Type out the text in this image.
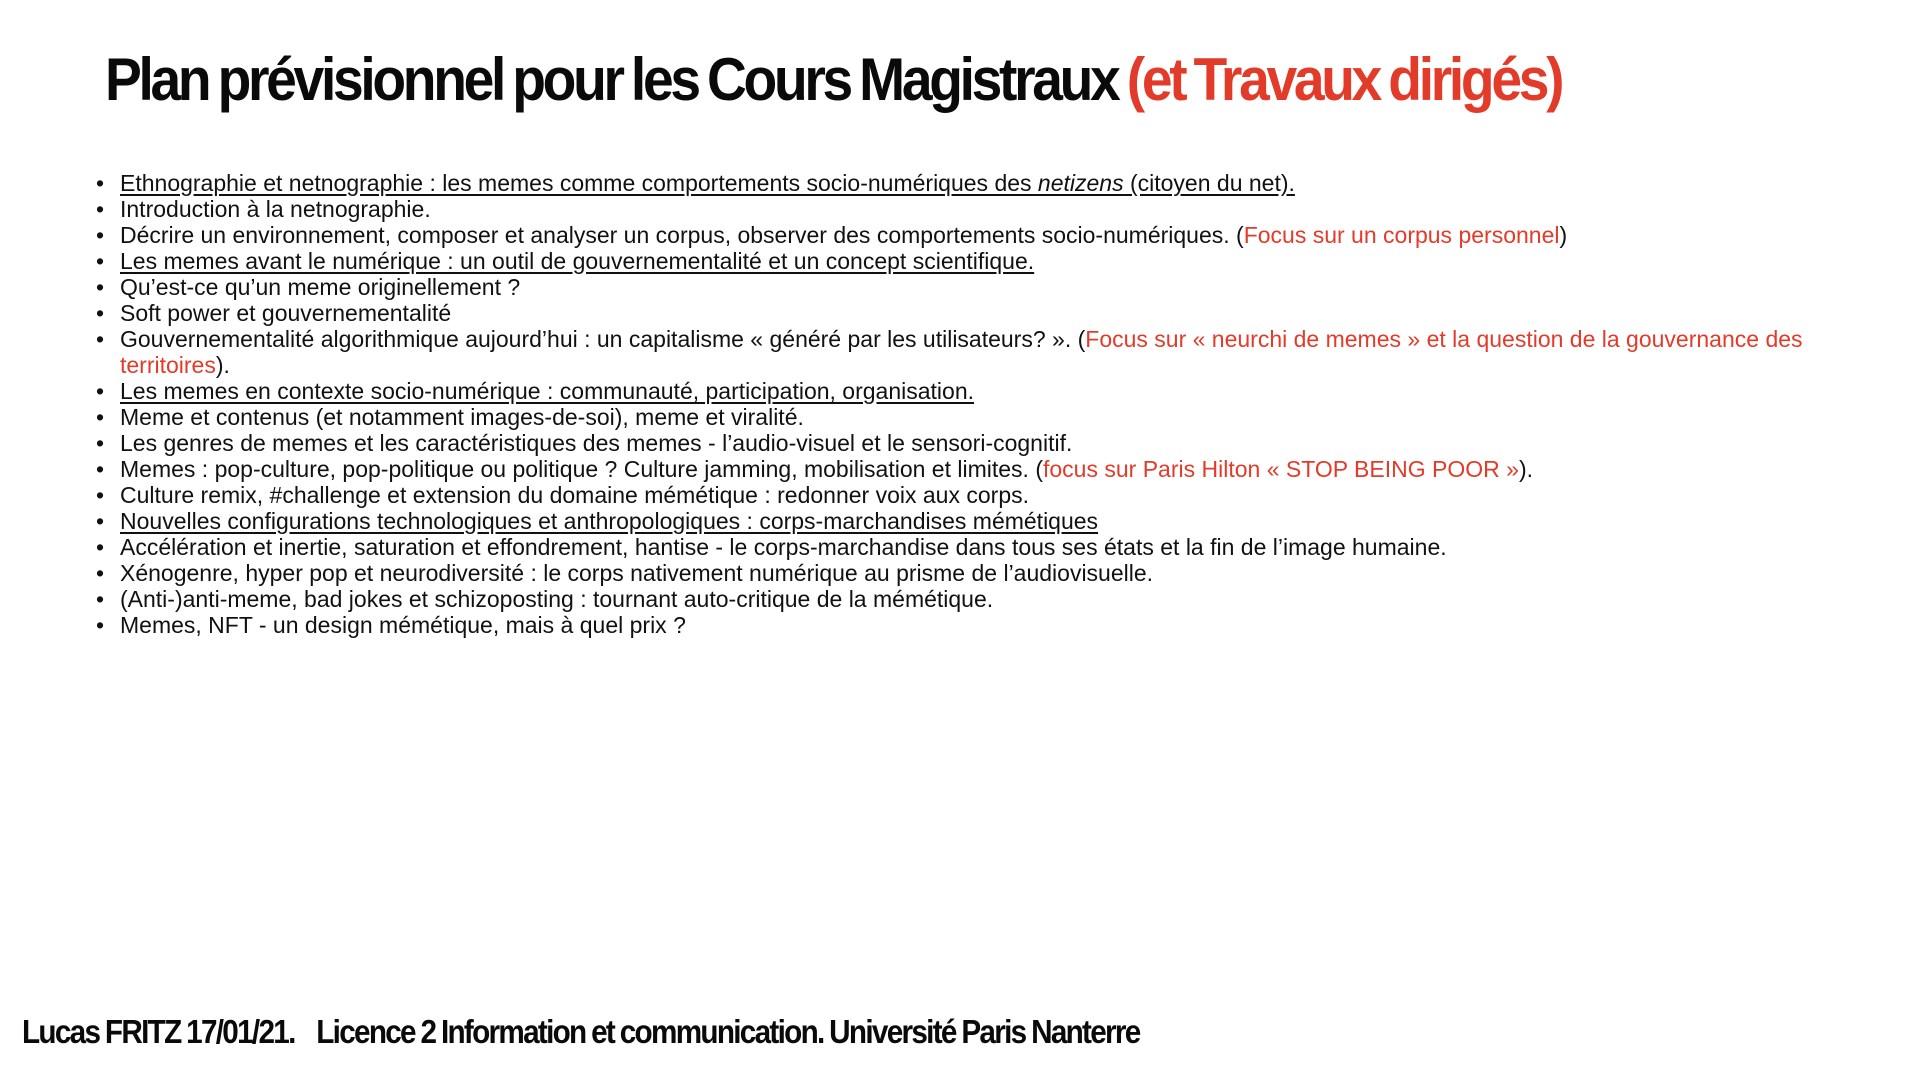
Plan prévisionnel pour les Cours Magistraux (et Travaux dirigés)
• Ethnographie et netnographie : les memes comme comportements socio-numériques des netizens (citoyen du net).
• Introduction à la netnographie.
• Décrire un environnement, composer et analyser un corpus, observer des comportements socio-numériques. (Focus sur un corpus personnel)
• Les memes avant le numérique : un outil de gouvernementalité et un concept scientifique.
• Qu’est-ce qu’un meme originellement ?
• Soft power et gouvernementalité
• Gouvernementalité algorithmique aujourd’hui : un capitalisme « généré par les utilisateurs? ». (Focus sur « neurchi de memes » et la question de la gouvernance des territoires).
• Les memes en contexte socio-numérique : communauté, participation, organisation.
• Meme et contenus (et notamment images-de-soi), meme et viralité.
• Les genres de memes et les caractéristiques des memes - l’audio-visuel et le sensori-cognitif.
• Memes : pop-culture, pop-politique ou politique ? Culture jamming, mobilisation et limites. (focus sur Paris Hilton « STOP BEING POOR »).
• Culture remix, #challenge et extension du domaine mémétique : redonner voix aux corps.
• Nouvelles configurations technologiques et anthropologiques : corps-marchandises mémétiques
• Accélération et inertie, saturation et effondrement, hantise - le corps-marchandise dans tous ses états et la fin de l’image humaine.
• Xénogenre, hyper pop et neurodiversité : le corps nativement numérique au prisme de l’audiovisuelle.
• (Anti-)anti-meme, bad jokes et schizoposting : tournant auto-critique de la mémétique.
• Memes, NFT - un design mémétique, mais à quel prix ?
Lucas FRITZ 17/01/21. Licence 2 Information et communication. Université Paris Nanterre
